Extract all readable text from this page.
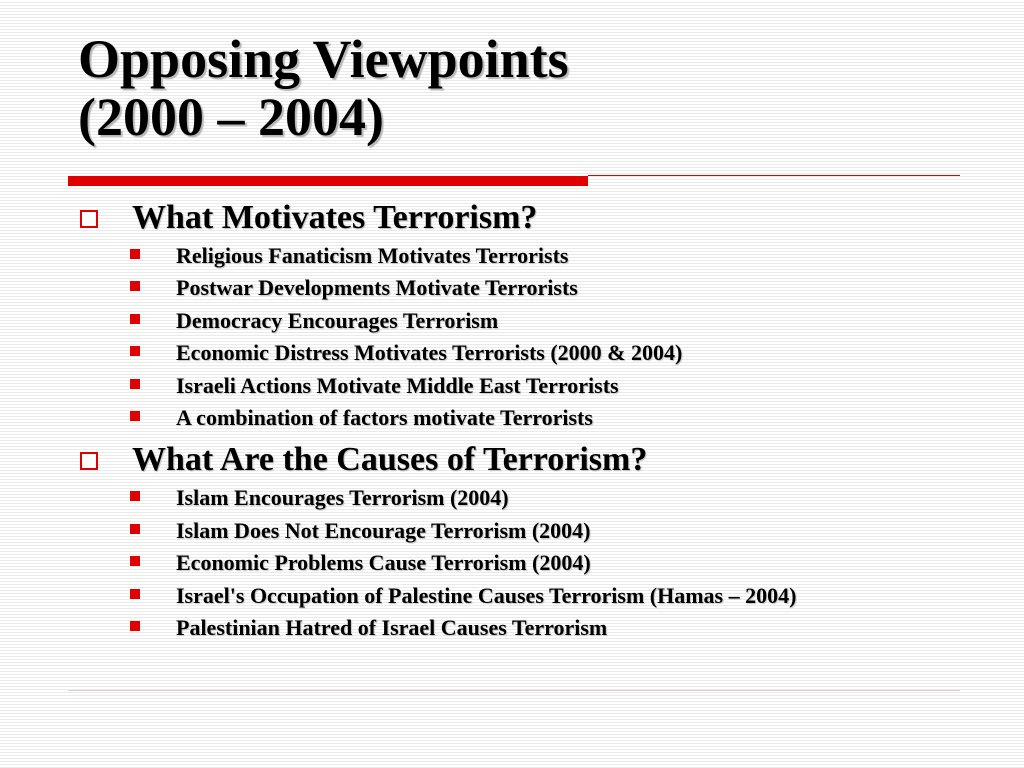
Opposing Viewpoints
(2000 – 2004)

What Motivates Terrorism?

Religious Fanaticism Motivates Terrorists
Postwar Developments Motivate Terrorists
Democracy Encourages Terrorism
Economic Distress Motivates Terrorists (2000 & 2004)
Israeli Actions Motivate Middle East Terrorists
A combination of factors motivate Terrorists

What Are the Causes of Terrorism?

Islam Encourages Terrorism (2004)
Islam Does Not Encourage Terrorism (2004)
Economic Problems Cause Terrorism (2004)
Israel's Occupation of Palestine Causes Terrorism (Hamas – 2004)
Palestinian Hatred of Israel Causes Terrorism
